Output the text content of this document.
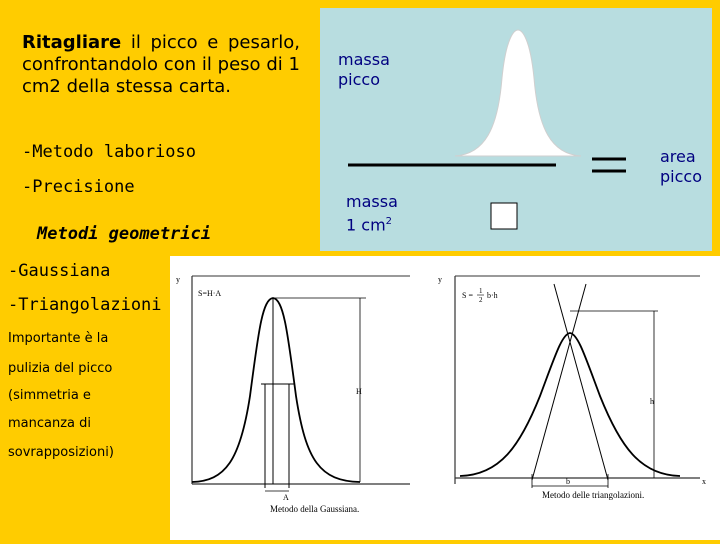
Ritagliare il picco e pesarlo, confrontandolo con il peso di 1 cm2 della stessa carta.
-Metodo laborioso
-Precisione
Metodi geometrici
-Gaussiana
-Triangolazioni
Importante è la
pulizia del picco
(simmetria e
mancanza di
sovrapposizioni)
massa
picco
massa
1 $cm^2$
area
picco
y
S=H·A
H
A
Metodo della Gaussiana.
y
x
S = 1
2 b·h
h
b
Metodo delle triangolazioni.
